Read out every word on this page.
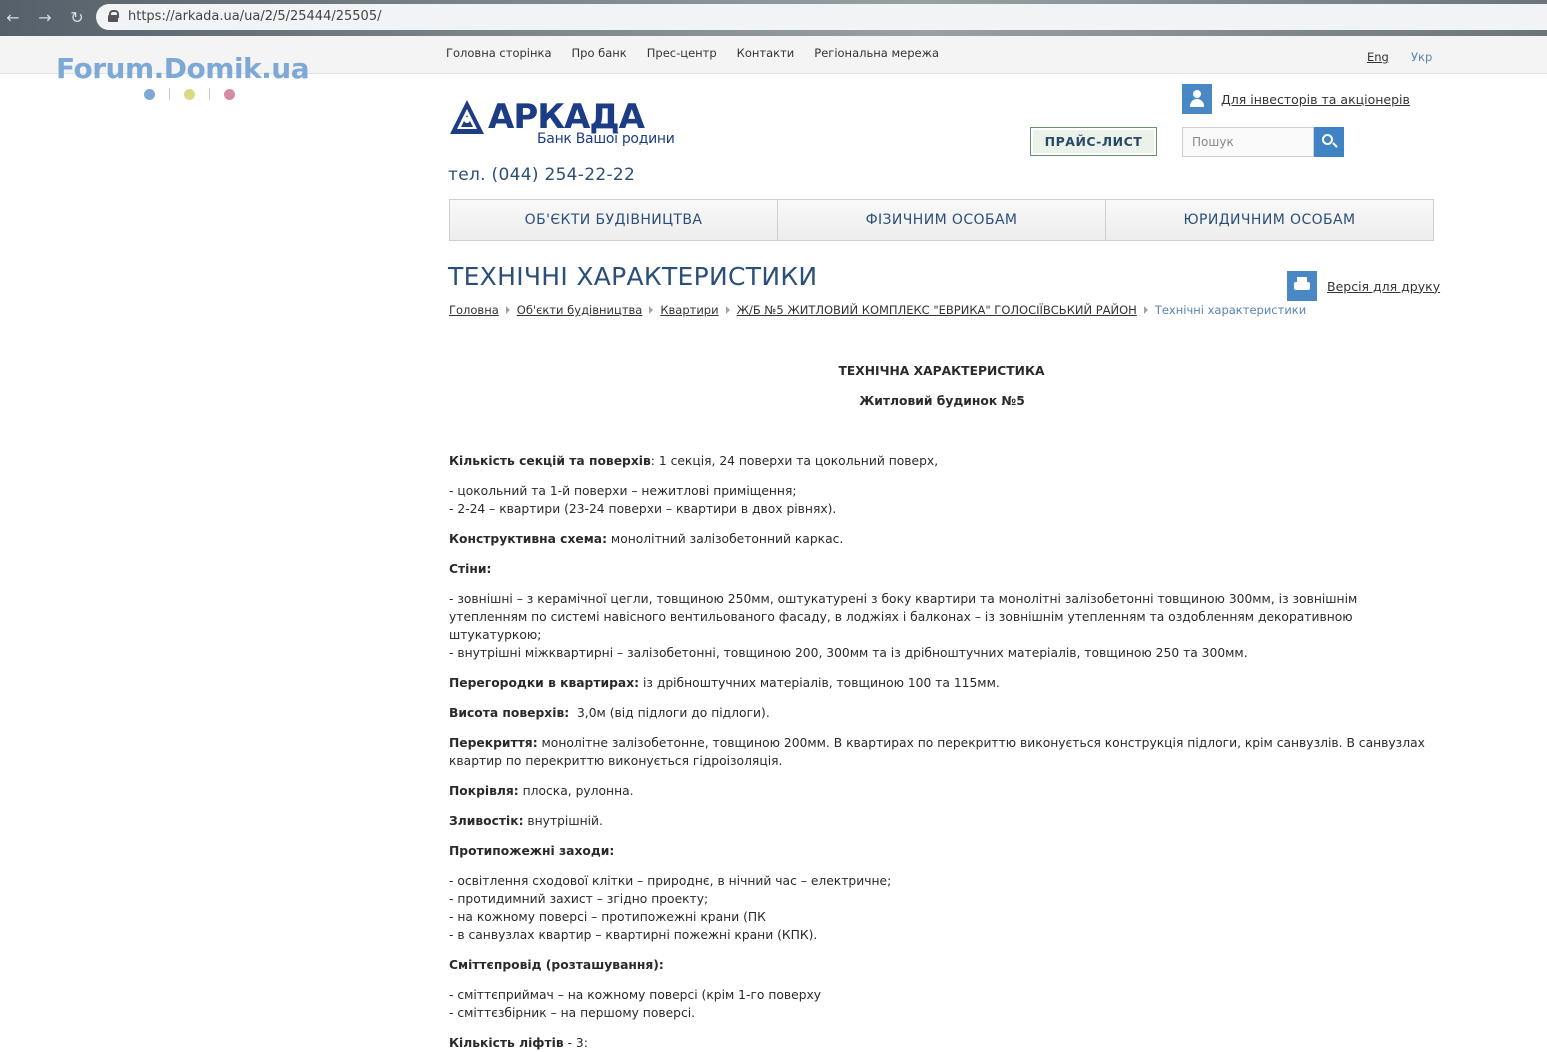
← → ↻	https://arkada.ua/ua/2/5/25444/25505/
Головна сторінка Про банк Прес-центр Контакти Регіональна мережа	Eng Укр
Forum.Domik.ua
АРКАДА
Банк Вашої родини
тел. (044) 254-22-22
Для інвесторів та акціонерів
ПРАЙС-ЛИСТ	Пошук
ОБ'ЄКТИ БУДІВНИЦТВА	ФІЗИЧНИМ ОСОБАМ	ЮРИДИЧНИМ ОСОБАМ
ТЕХНІЧНІ ХАРАКТЕРИСТИКИ	Версія для друку
Головна Об'єкти будівництва Квартири Ж/Б №5 ЖИТЛОВИЙ КОМПЛЕКС "ЕВРИКА" ГОЛОСІЇВСЬКИЙ РАЙОН Технічні характеристики
ТЕХНІЧНА ХАРАКТЕРИСТИКА
Житловий будинок №5

Кількість секцій та поверхів: 1 секція, 24 поверхи та цокольний поверх,

- цокольний та 1-й поверхи – нежитлові приміщення;
- 2-24 – квартири (23-24 поверхи – квартири в двох рівнях).

Конструктивна схема: монолітний залізобетонний каркас.

Стіни:

- зовнішні – з керамічної цегли, товщиною 250мм, оштукатурені з боку квартири та монолітні залізобетонні товщиною 300мм, із зовнішнім утепленням по системі навісного вентильованого фасаду, в лоджіях і балконах – із зовнішнім утепленням та оздобленням декоративною штукатуркою;
- внутрішні міжквартирні – залізобетонні, товщиною 200, 300мм та із дрібноштучних матеріалів, товщиною 250 та 300мм.

Перегородки в квартирах: із дрібноштучних матеріалів, товщиною 100 та 115мм.

Висота поверхів:  3,0м (від підлоги до підлоги).

Перекриття: монолітне залізобетонне, товщиною 200мм. В квартирах по перекриттю виконується конструкція підлоги, крім санвузлів. В санвузлах квартир по перекриттю виконується гідроізоляція.

Покрівля: плоска, рулонна.

Зливостік: внутрішній.

Протипожежні заходи:

- освітлення сходової клітки – природнє, в нічний час – електричне;
- протидимний захист – згідно проекту;
- на кожному поверсі – протипожежні крани (ПК
- в санвузлах квартир – квартирні пожежні крани (КПК).

Сміттєпровід (розташування):

- сміттєприймач – на кожному поверсі (крім 1-го поверху
- сміттєзбірник – на першому поверсі.

Кількість ліфтів - 3:
